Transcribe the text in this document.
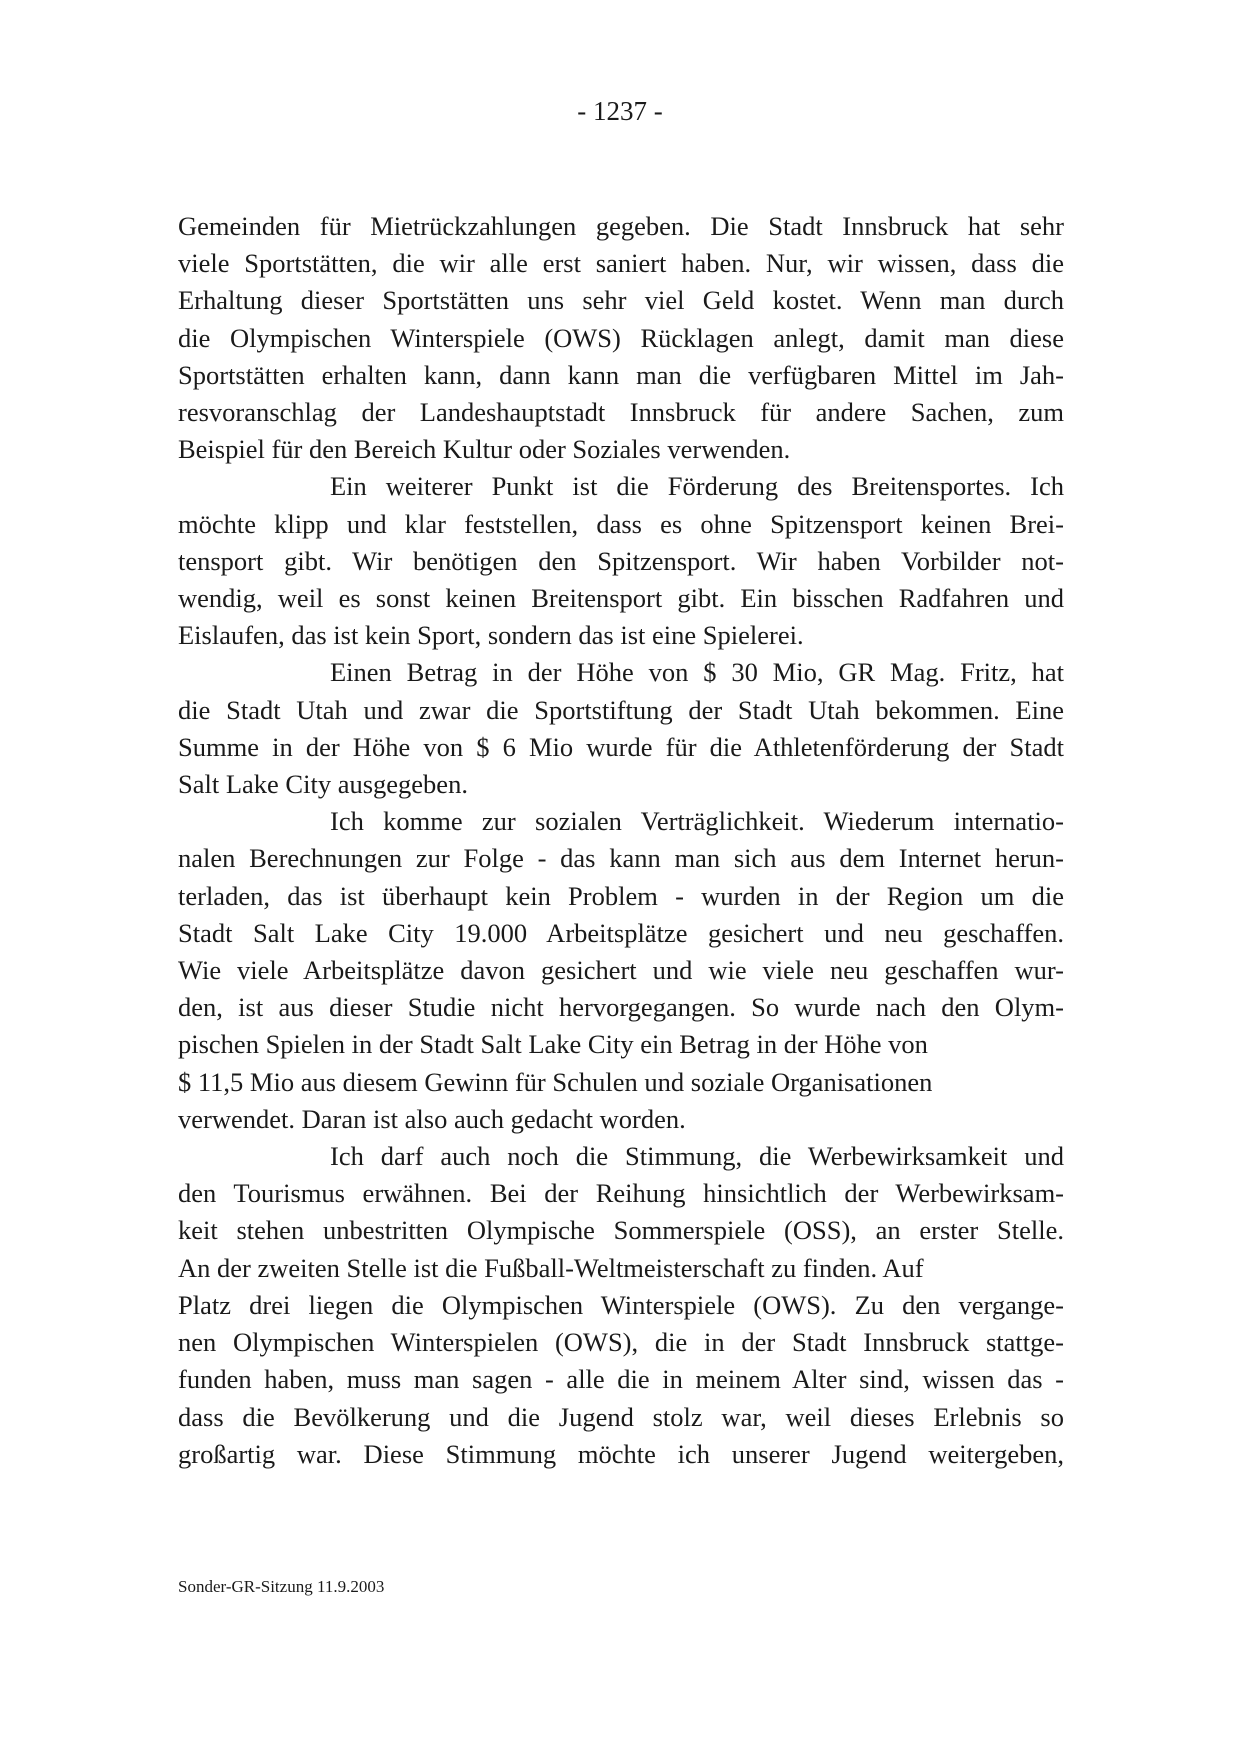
- 1237 -
Gemeinden für Mietrückzahlungen gegeben. Die Stadt Innsbruck hat sehr
viele Sportstätten, die wir alle erst saniert haben. Nur, wir wissen, dass die
Erhaltung dieser Sportstätten uns sehr viel Geld kostet. Wenn man durch
die Olympischen Winterspiele (OWS) Rücklagen anlegt, damit man diese
Sportstätten erhalten kann, dann kann man die verfügbaren Mittel im Jah-
resvoranschlag der Landeshauptstadt Innsbruck für andere Sachen, zum
Beispiel für den Bereich Kultur oder Soziales verwenden.
Ein weiterer Punkt ist die Förderung des Breitensportes. Ich
möchte klipp und klar feststellen, dass es ohne Spitzensport keinen Brei-
tensport gibt. Wir benötigen den Spitzensport. Wir haben Vorbilder not-
wendig, weil es sonst keinen Breitensport gibt. Ein bisschen Radfahren und
Eislaufen, das ist kein Sport, sondern das ist eine Spielerei.
Einen Betrag in der Höhe von $ 30 Mio, GR Mag. Fritz, hat
die Stadt Utah und zwar die Sportstiftung der Stadt Utah bekommen. Eine
Summe in der Höhe von $ 6 Mio wurde für die Athletenförderung der Stadt
Salt Lake City ausgegeben.
Ich komme zur sozialen Verträglichkeit. Wiederum internatio-
nalen Berechnungen zur Folge - das kann man sich aus dem Internet herun-
terladen, das ist überhaupt kein Problem - wurden in der Region um die
Stadt Salt Lake City 19.000 Arbeitsplätze gesichert und neu geschaffen.
Wie viele Arbeitsplätze davon gesichert und wie viele neu geschaffen wur-
den, ist aus dieser Studie nicht hervorgegangen. So wurde nach den Olym-
pischen Spielen in der Stadt Salt Lake City ein Betrag in der Höhe von
$ 11,5 Mio aus diesem Gewinn für Schulen und soziale Organisationen
verwendet. Daran ist also auch gedacht worden.
Ich darf auch noch die Stimmung, die Werbewirksamkeit und
den Tourismus erwähnen. Bei der Reihung hinsichtlich der Werbewirksam-
keit stehen unbestritten Olympische Sommerspiele (OSS), an erster Stelle.
An der zweiten Stelle ist die Fußball-Weltmeisterschaft zu finden. Auf
Platz drei liegen die Olympischen Winterspiele (OWS). Zu den vergange-
nen Olympischen Winterspielen (OWS), die in der Stadt Innsbruck stattge-
funden haben, muss man sagen - alle die in meinem Alter sind, wissen das -
dass die Bevölkerung und die Jugend stolz war, weil dieses Erlebnis so
großartig war. Diese Stimmung möchte ich unserer Jugend weitergeben,
Sonder-GR-Sitzung 11.9.2003
